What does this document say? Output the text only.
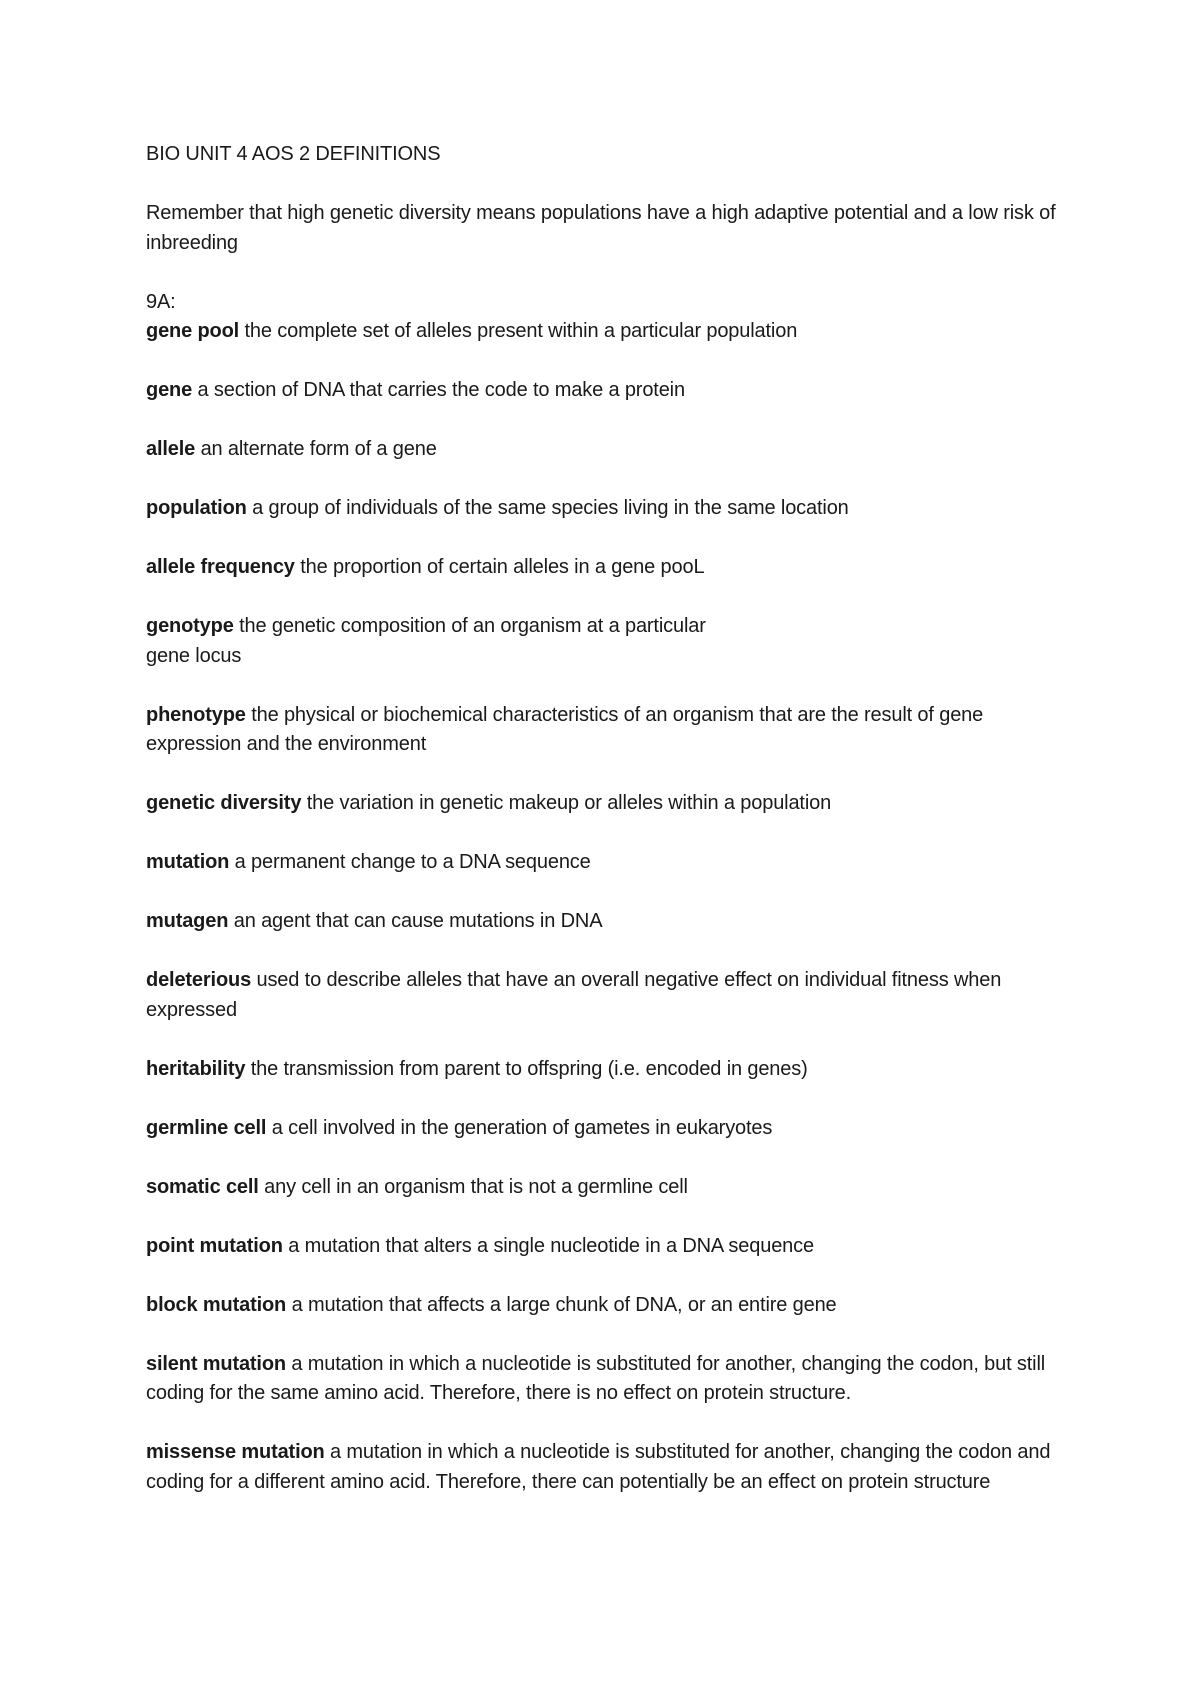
BIO UNIT 4 AOS 2 DEFINITIONS

Remember that high genetic diversity means populations have a high adaptive potential and a low risk of inbreeding

9A:

gene pool the complete set of alleles present within a particular population

gene a section of DNA that carries the code to make a protein

allele an alternate form of a gene

population a group of individuals of the same species living in the same location

allele frequency the proportion of certain alleles in a gene pooL

genotype the genetic composition of an organism at a particular
gene locus

phenotype the physical or biochemical characteristics of an organism that are the result of gene expression and the environment

genetic diversity the variation in genetic makeup or alleles within a population

mutation a permanent change to a DNA sequence

mutagen an agent that can cause mutations in DNA

deleterious used to describe alleles that have an overall negative effect on individual fitness when expressed

heritability the transmission from parent to offspring (i.e. encoded in genes)

germline cell a cell involved in the generation of gametes in eukaryotes

somatic cell any cell in an organism that is not a germline cell

point mutation a mutation that alters a single nucleotide in a DNA sequence

block mutation a mutation that affects a large chunk of DNA, or an entire gene

silent mutation a mutation in which a nucleotide is substituted for another, changing the codon, but still coding for the same amino acid. Therefore, there is no effect on protein structure.

missense mutation a mutation in which a nucleotide is substituted for another, changing the codon and coding for a different amino acid. Therefore, there can potentially be an effect on protein structure
